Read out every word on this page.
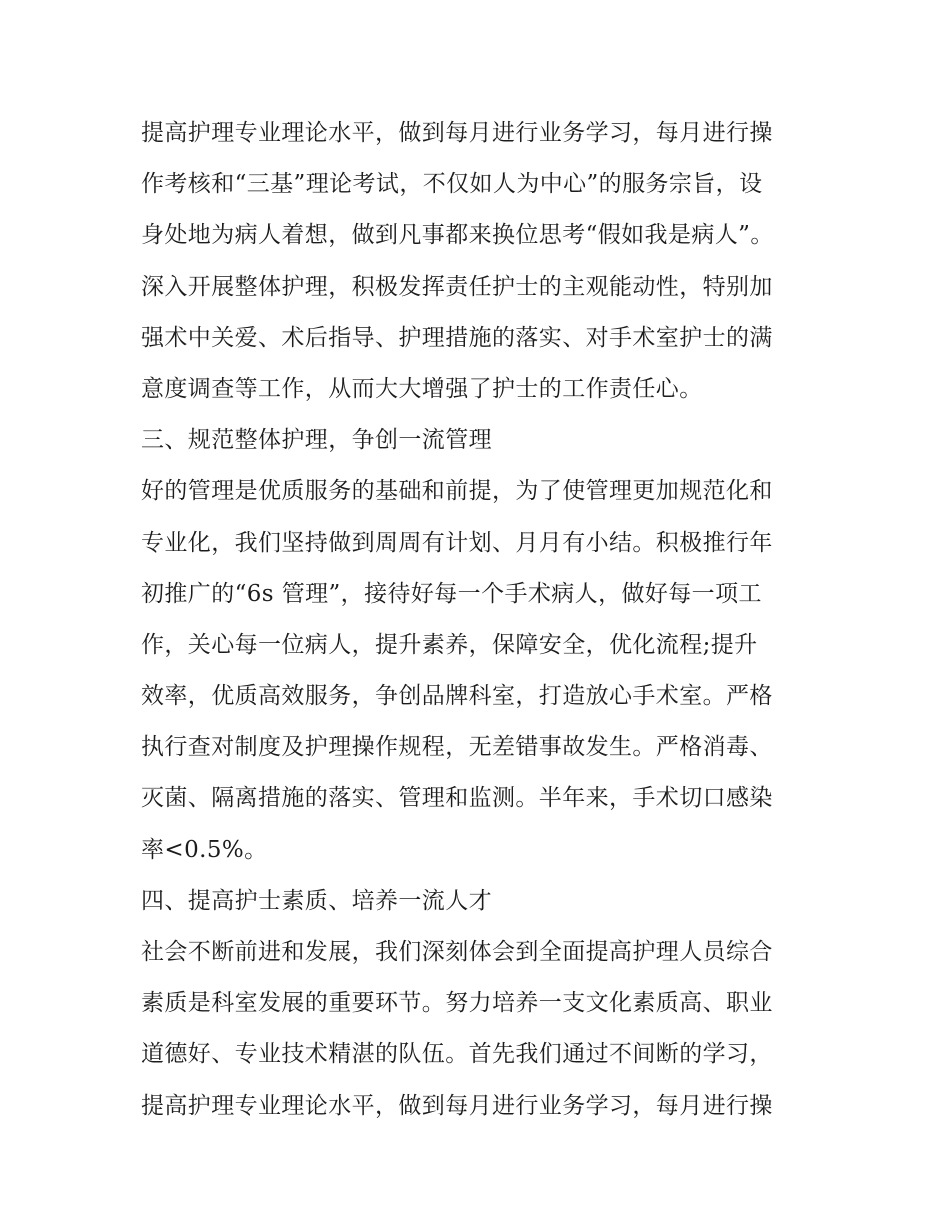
提高护理专业理论水平，做到每月进行业务学习，每月进行操
作考核和“三基”理论考试，不仅如人为中心”的服务宗旨，设
身处地为病人着想，做到凡事都来换位思考“假如我是病人”。
深入开展整体护理，积极发挥责任护士的主观能动性，特别加
强术中关爱、术后指导、护理措施的落实、对手术室护士的满
意度调查等工作，从而大大增强了护士的工作责任心。
三、规范整体护理，争创一流管理
好的管理是优质服务的基础和前提，为了使管理更加规范化和
专业化，我们坚持做到周周有计划、月月有小结。积极推行年
初推广的“6s 管理”，接待好每一个手术病人，做好每一项工
作，关心每一位病人，提升素养，保障安全，优化流程;提升
效率，优质高效服务，争创品牌科室，打造放心手术室。严格
执行查对制度及护理操作规程，无差错事故发生。严格消毒、
灭菌、隔离措施的落实、管理和监测。半年来，手术切口感染
率<0.5%。
四、提高护士素质、培养一流人才
社会不断前进和发展，我们深刻体会到全面提高护理人员综合
素质是科室发展的重要环节。努力培养一支文化素质高、职业
道德好、专业技术精湛的队伍。首先我们通过不间断的学习，
提高护理专业理论水平，做到每月进行业务学习，每月进行操
